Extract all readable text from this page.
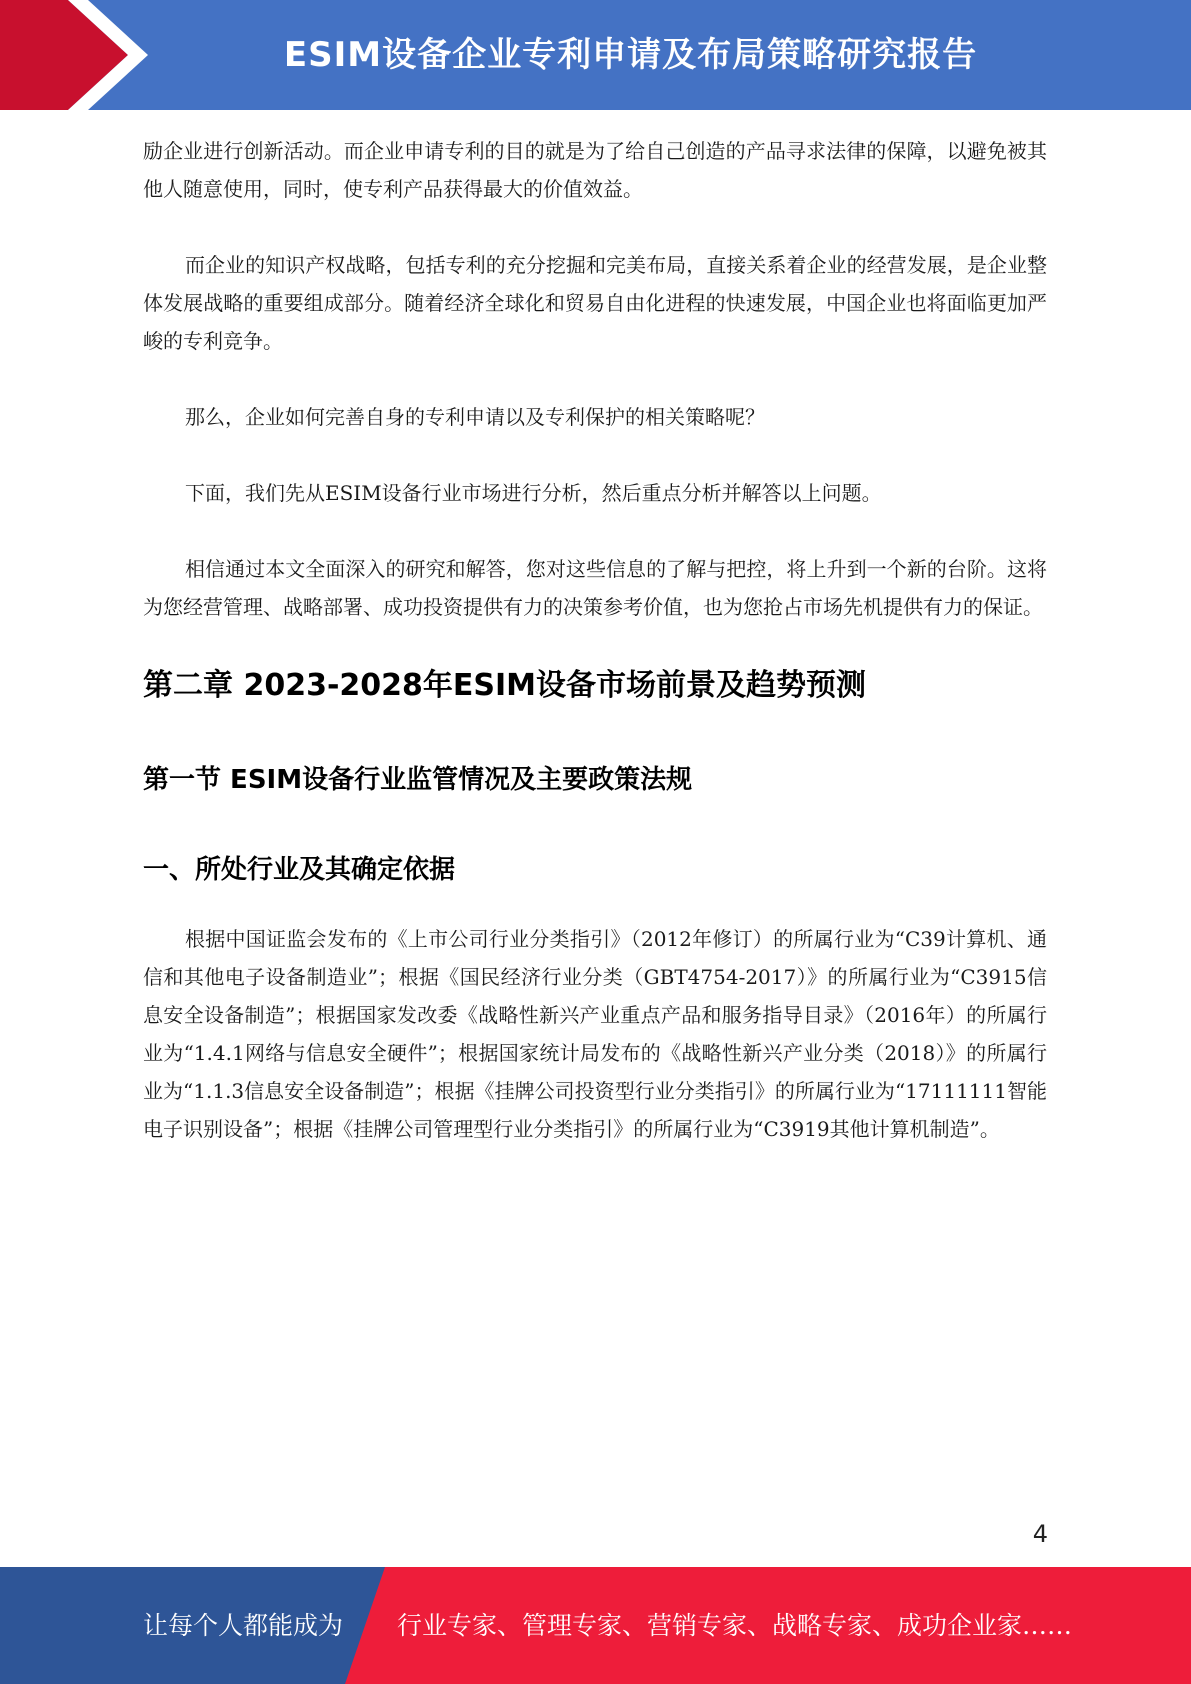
ESIM设备企业专利申请及布局策略研究报告

励企业进行创新活动。而企业申请专利的目的就是为了给自己创造的产品寻求法律的保障，以避免被其他人随意使用，同时，使专利产品获得最大的价值效益。

而企业的知识产权战略，包括专利的充分挖掘和完美布局，直接关系着企业的经营发展，是企业整体发展战略的重要组成部分。随着经济全球化和贸易自由化进程的快速发展，中国企业也将面临更加严峻的专利竞争。

那么，企业如何完善自身的专利申请以及专利保护的相关策略呢？

下面，我们先从ESIM设备行业市场进行分析，然后重点分析并解答以上问题。

相信通过本文全面深入的研究和解答，您对这些信息的了解与把控，将上升到一个新的台阶。这将为您经营管理、战略部署、成功投资提供有力的决策参考价值，也为您抢占市场先机提供有力的保证。

第二章 2023-2028年ESIM设备市场前景及趋势预测
第一节 ESIM设备行业监管情况及主要政策法规
一、所处行业及其确定依据

根据中国证监会发布的《上市公司行业分类指引》（2012年修订）的所属行业为“C39计算机、通信和其他电子设备制造业”；根据《国民经济行业分类（GBT4754-2017）》的所属行业为“C3915信息安全设备制造”；根据国家发改委《战略性新兴产业重点产品和服务指导目录》（2016年）的所属行业为“1.4.1网络与信息安全硬件”；根据国家统计局发布的《战略性新兴产业分类（2018）》的所属行业为“1.1.3信息安全设备制造”；根据《挂牌公司投资型行业分类指引》的所属行业为“17111111智能电子识别设备”；根据《挂牌公司管理型行业分类指引》的所属行业为“C3919其他计算机制造”。

4
让每个人都能成为 行业专家、管理专家、营销专家、战略专家、成功企业家……
